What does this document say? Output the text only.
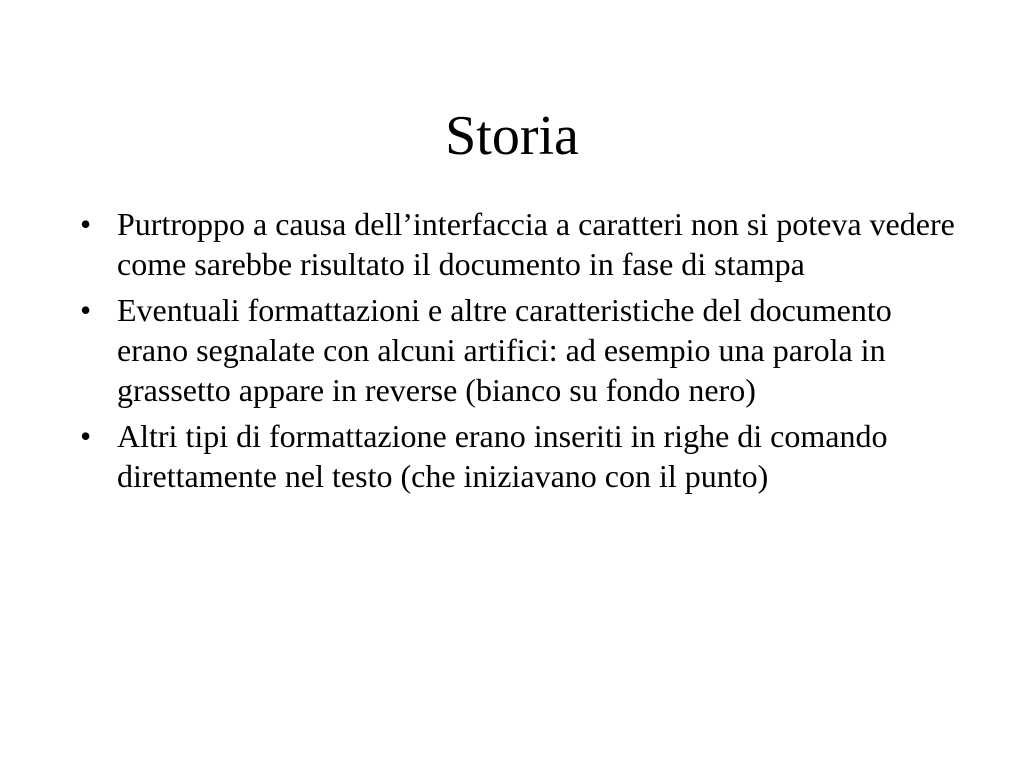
Storia
• Purtroppo a causa dell’interfaccia a caratteri non si poteva vedere come sarebbe risultato il documento in fase di stampa
• Eventuali formattazioni e altre caratteristiche del documento erano segnalate con alcuni artifici: ad esempio una parola in grassetto appare in reverse (bianco su fondo nero)
• Altri tipi di formattazione erano inseriti in righe di comando direttamente nel testo (che iniziavano con il punto)
